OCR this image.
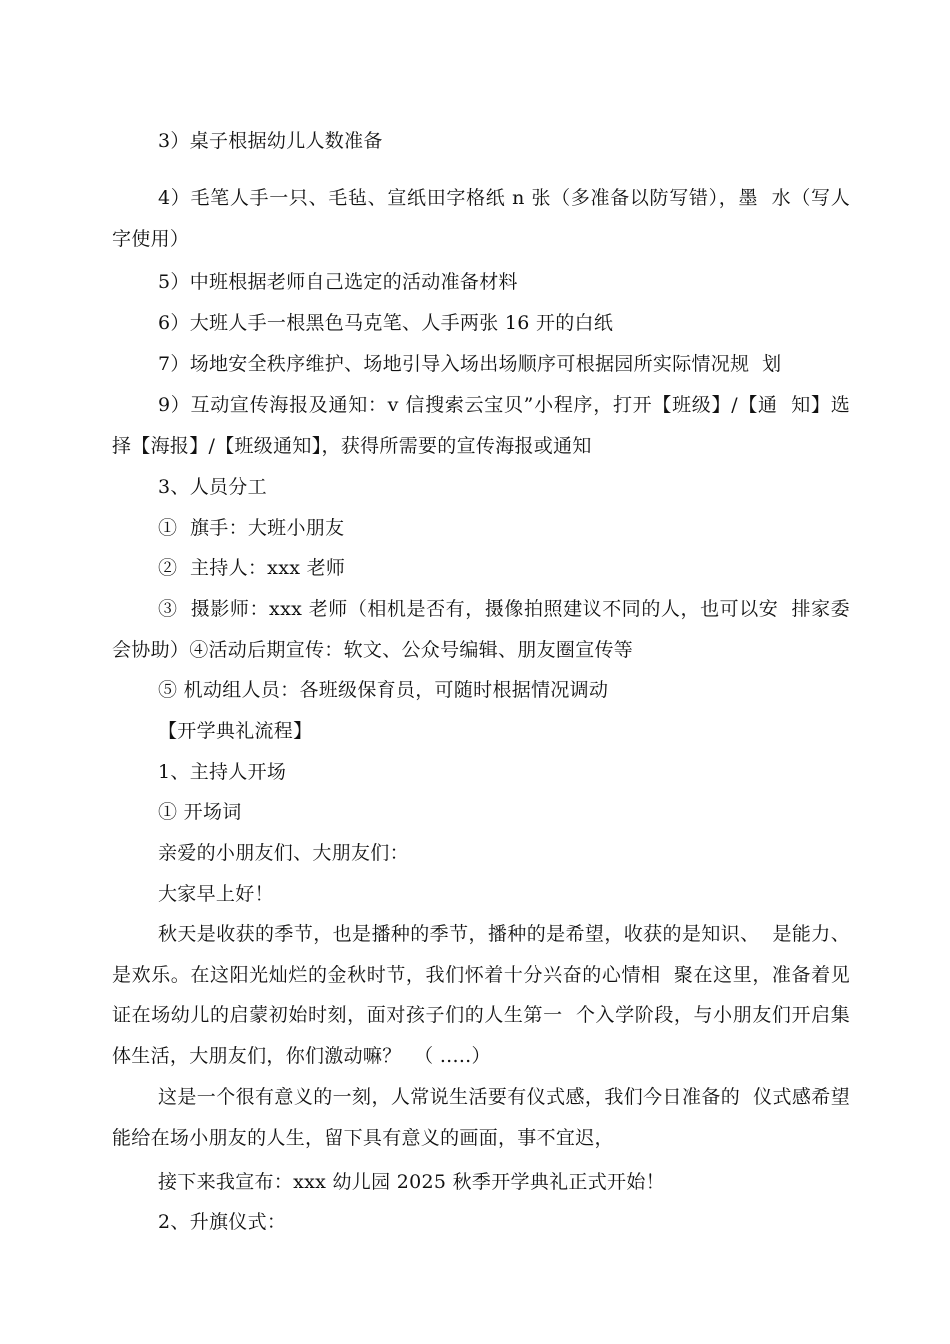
3）桌子根据幼儿人数准备
4）毛笔人手一只、毛毡、宣纸田字格纸 n 张（多准备以防写错），墨  水（写人字使用）
5）中班根据老师自己选定的活动准备材料
6）大班人手一根黑色马克笔、人手两张 16 开的白纸
7）场地安全秩序维护、场地引导入场出场顺序可根据园所实际情况规  划
9）互动宣传海报及通知：v 信搜索云宝贝”小程序，打开【班级】/【通  知】选择【海报】/【班级通知】，获得所需要的宣传海报或通知
3、人员分工
①  旗手：大班小朋友
②  主持人：xxx 老师
③  摄影师：xxx 老师（相机是否有，摄像拍照建议不同的人，也可以安  排家委会协助）④活动后期宣传：软文、公众号编辑、朋友圈宣传等
⑤ 机动组人员：各班级保育员，可随时根据情况调动
【开学典礼流程】
1、主持人开场
① 开场词
亲爱的小朋友们、大朋友们：
大家早上好！
秋天是收获的季节，也是播种的季节，播种的是希望，收获的是知识、  是能力、是欢乐。在这阳光灿烂的金秋时节，我们怀着十分兴奋的心情相  聚在这里，准备着见证在场幼儿的启蒙初始时刻，面对孩子们的人生第一  个入学阶段，与小朋友们开启集体生活，大朋友们，你们激动嘛？  （ .....）
这是一个很有意义的一刻，人常说生活要有仪式感，我们今日准备的  仪式感希望能给在场小朋友的人生，留下具有意义的画面，事不宜迟，
接下来我宣布：xxx 幼儿园 2025 秋季开学典礼正式开始！
2、升旗仪式：
